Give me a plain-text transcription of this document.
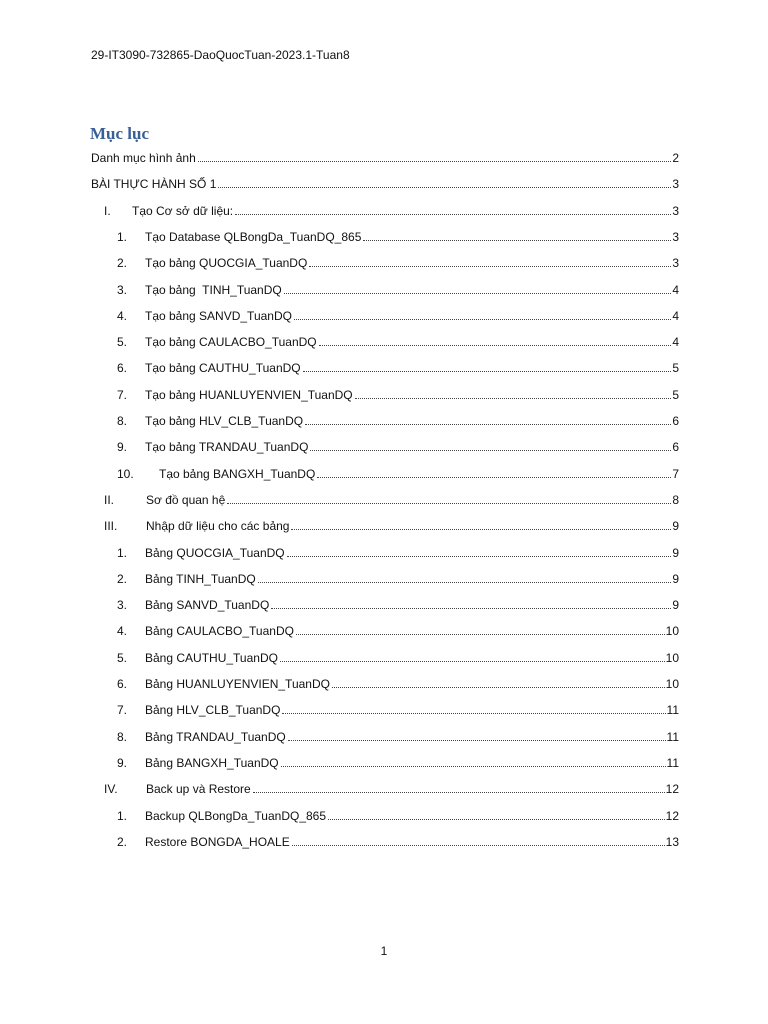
29-IT3090-732865-DaoQuocTuan-2023.1-Tuan8
Mục lục
Danh mục hình ảnh	2
BÀI THỰC HÀNH SỐ 1	3
I.	Tạo Cơ sở dữ liệu:	3
1.	Tạo Database QLBongDa_TuanDQ_865	3
2.	Tạo bảng QUOCGIA_TuanDQ	3
3.	Tạo bảng  TINH_TuanDQ	4
4.	Tạo bảng SANVD_TuanDQ	4
5.	Tạo bảng CAULACBO_TuanDQ	4
6.	Tạo bảng CAUTHU_TuanDQ	5
7.	Tạo bảng HUANLUYENVIEN_TuanDQ	5
8.	Tạo bảng HLV_CLB_TuanDQ	6
9.	Tạo bảng TRANDAU_TuanDQ	6
10.	Tạo bảng BANGXH_TuanDQ	7
II.	Sơ đồ quan hệ	8
III.	Nhập dữ liệu cho các bảng	9
1.	Bảng QUOCGIA_TuanDQ	9
2.	Bảng TINH_TuanDQ	9
3.	Bảng SANVD_TuanDQ	9
4.	Bảng CAULACBO_TuanDQ	10
5.	Bảng CAUTHU_TuanDQ	10
6.	Bảng HUANLUYENVIEN_TuanDQ	10
7.	Bảng HLV_CLB_TuanDQ	11
8.	Bảng TRANDAU_TuanDQ	11
9.	Bảng BANGXH_TuanDQ	11
IV.	Back up và Restore	12
1.	Backup QLBongDa_TuanDQ_865	12
2.	Restore BONGDA_HOALE	13
1
